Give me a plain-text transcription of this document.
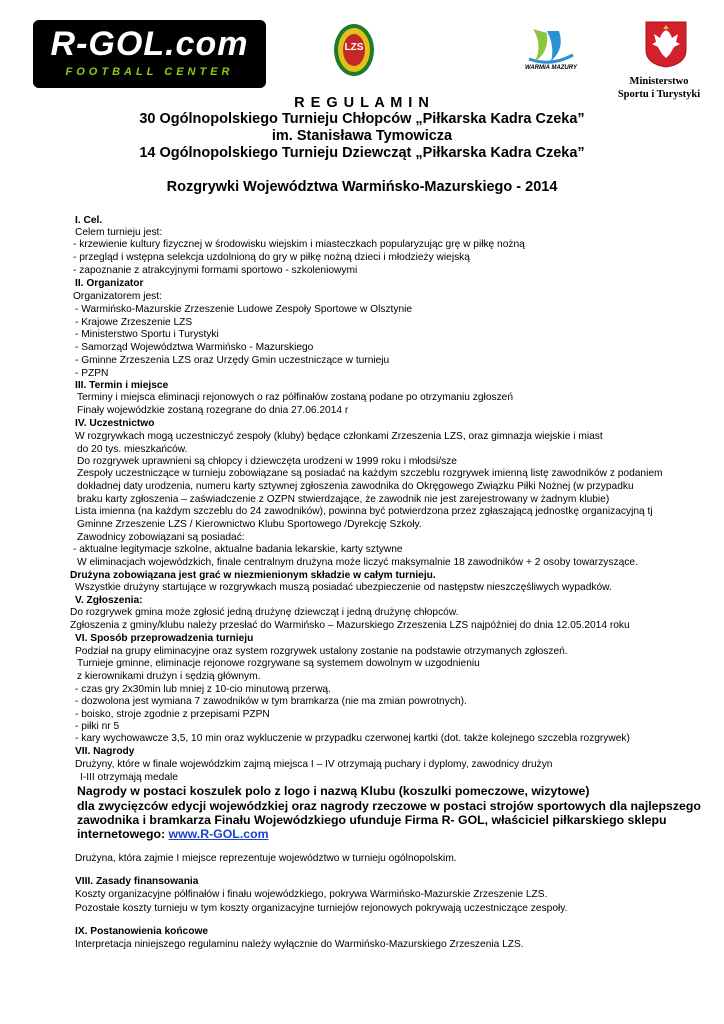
R-GOL.com
FOOTBALL CENTER
LZS
WARMIA MAZURY
Ministerstwo
Sportu i Turystyki
R E G U L A M I N
30 Ogólnopolskiego Turnieju Chłopców „Piłkarska Kadra Czeka”
im. Stanisława Tymowicza
14 Ogólnopolskiego Turnieju Dziewcząt „Piłkarska Kadra Czeka”
Rozgrywki Województwa Warmińsko-Mazurskiego - 2014
I. Cel.
Celem turnieju jest:
- krzewienie kultury fizycznej w środowisku wiejskim i miasteczkach popularyzując grę w piłkę nożną
- przegląd i wstępna selekcja uzdolnioną do gry w piłkę nożną dzieci i młodzieży wiejską
- zapoznanie z atrakcyjnymi formami sportowo - szkoleniowymi
II. Organizator
Organizatorem jest:
- Warmińsko-Mazurskie Zrzeszenie Ludowe Zespoły Sportowe w Olsztynie
- Krajowe Zrzeszenie LZS
- Ministerstwo Sportu i Turystyki
- Samorząd Województwa Warmińsko - Mazurskiego
- Gminne Zrzeszenia LZS oraz Urzędy Gmin uczestniczące w turnieju
- PZPN
III. Termin i miejsce
Terminy i miejsca eliminacji rejonowych o raz półfinałów zostaną podane po otrzymaniu zgłoszeń
Finały wojewódzkie zostaną rozegrane do dnia 27.06.2014 r
IV. Uczestnictwo
W rozgrywkach mogą uczestniczyć zespoły (kluby) będące członkami Zrzeszenia LZS, oraz gimnazja wiejskie i miast
do 20 tys. mieszkańców.
Do rozgrywek uprawnieni są chłopcy i dziewczęta urodzeni w 1999 roku i młodsi/sze
Zespoły uczestniczące w turnieju zobowiązane są posiadać na każdym szczeblu rozgrywek imienną listę zawodników z podaniem
dokładnej daty urodzenia, numeru karty sztywnej zgłoszenia zawodnika do Okręgowego Związku Piłki Nożnej (w przypadku
braku karty zgłoszenia – zaświadczenie z OZPN stwierdzające, że zawodnik nie jest zarejestrowany w żadnym klubie)
Lista imienna (na każdym szczeblu do 24 zawodników), powinna być potwierdzona przez zgłaszającą jednostkę organizacyjną tj
Gminne Zrzeszenie LZS / Kierownictwo Klubu Sportowego /Dyrekcję Szkoły.
Zawodnicy zobowiązani są posiadać:
- aktualne legitymacje szkolne, aktualne badania lekarskie, karty sztywne
W eliminacjach wojewódzkich, finale centralnym drużyna może liczyć maksymalnie 18 zawodników + 2 osoby towarzyszące.
Drużyna zobowiązana jest grać w niezmienionym składzie w całym turnieju.
Wszystkie drużyny startujące w rozgrywkach muszą posiadać ubezpieczenie od następstw nieszczęśliwych wypadków.
V. Zgłoszenia:
Do rozgrywek gmina może zgłosić jedną drużynę dziewcząt i jedną drużynę chłopców.
Zgłoszenia z gminy/klubu należy przesłać do Warmińsko – Mazurskiego Zrzeszenia LZS najpóźniej do dnia 12.05.2014 roku
VI. Sposób przeprowadzenia turnieju
Podział na grupy eliminacyjne oraz system rozgrywek ustalony zostanie na podstawie otrzymanych zgłoszeń.
Turnieje gminne, eliminacje rejonowe rozgrywane są systemem dowolnym w uzgodnieniu
z kierownikami drużyn i sędzią głównym.
- czas gry 2x30min lub mniej z 10-cio minutową przerwą.
- dozwolona jest wymiana 7 zawodników w tym bramkarza (nie ma zmian powrotnych).
- boisko, stroje zgodnie z przepisami PZPN
- piłki nr 5
- kary wychowawcze 3,5, 10 min oraz wykluczenie w przypadku czerwonej kartki (dot. także kolejnego szczebla rozgrywek)
VII. Nagrody
Drużyny, które w finale wojewódzkim zajmą miejsca I – IV otrzymają puchary i dyplomy, zawodnicy drużyn
I-III otrzymają medale
Nagrody w postaci koszulek polo z logo i nazwą Klubu (koszulki pomeczowe, wizytowe)
dla zwycięzców edycji wojewódzkiej oraz nagrody rzeczowe w postaci strojów sportowych dla najlepszego
zawodnika i bramkarza Finału Wojewódzkiego ufunduje Firma R- GOL, właściciel piłkarskiego sklepu
internetowego: www.R-GOL.com
Drużyna, która zajmie I miejsce reprezentuje województwo w turnieju ogólnopolskim.
VIII. Zasady finansowania
Koszty organizacyjne półfinałów i finału wojewódzkiego, pokrywa Warmińsko-Mazurskie Zrzeszenie LZS.
Pozostałe koszty turnieju w tym koszty organizacyjne turniejów rejonowych pokrywają uczestniczące zespoły.
IX. Postanowienia końcowe
Interpretacja niniejszego regulaminu należy wyłącznie do Warmińsko-Mazurskiego Zrzeszenia LZS.
